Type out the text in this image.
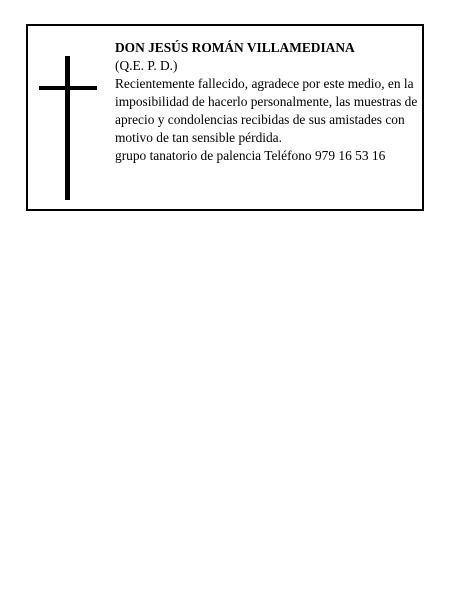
DON JESÚS ROMÁN VILLAMEDIANA
(Q.E. P. D.)
Recientemente fallecido, agradece por este medio, en la imposibilidad de hacerlo personalmente, las muestras de aprecio y condolencias recibidas de sus amistades con motivo de tan sensible pérdida.
grupo tanatorio de palencia Teléfono 979 16 53 16
